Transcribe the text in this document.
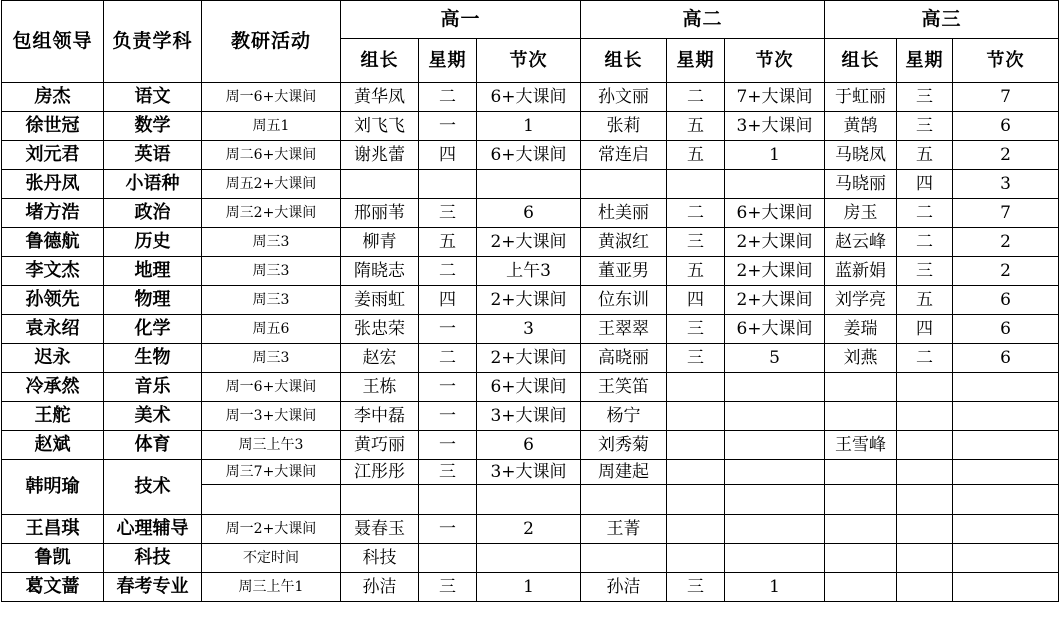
包组领导	负责学科	教研活动	高一			高二			高三		
			组长	星期	节次	组长	星期	节次	组长	星期	节次
房杰	语文	周一6+大课间	黄华凤	二	6+大课间	孙文丽	二	7+大课间	于虹丽	三	7
徐世冠	数学	周五1	刘飞飞	一	1	张莉	五	3+大课间	黄鹄	三	6
刘元君	英语	周二6+大课间	谢兆蕾	四	6+大课间	常连启	五	1	马晓凤	五	2
张丹凤	小语种	周五2+大课间							马晓丽	四	3
堵方浩	政治	周三2+大课间	邢丽苇	三	6	杜美丽	二	6+大课间	房玉	二	7
鲁德航	历史	周三3	柳青	五	2+大课间	黄淑红	三	2+大课间	赵云峰	二	2
李文杰	地理	周三3	隋晓志	二	上午3	董亚男	五	2+大课间	蓝新娟	三	2
孙领先	物理	周三3	姜雨虹	四	2+大课间	位东训	四	2+大课间	刘学亮	五	6
袁永绍	化学	周五6	张忠荣	一	3	王翠翠	三	6+大课间	姜瑞	四	6
迟永	生物	周三3	赵宏	二	2+大课间	高晓丽	三	5	刘燕	二	6
冷承然	音乐	周一6+大课间	王栋	一	6+大课间	王笑笛					
王舵	美术	周一3+大课间	李中磊	一	3+大课间	杨宁					
赵斌	体育	周三上午3	黄巧丽	一	6	刘秀菊			王雪峰		
韩明瑜	技术	周三7+大课间	江彤彤	三	3+大课间	周建起					

王昌琪	心理辅导	周一2+大课间	聂春玉	一	2	王菁					
鲁凯	科技	不定时间	科技								
葛文蔷	春考专业	周三上午1	孙洁	三	1	孙洁	三	1			
